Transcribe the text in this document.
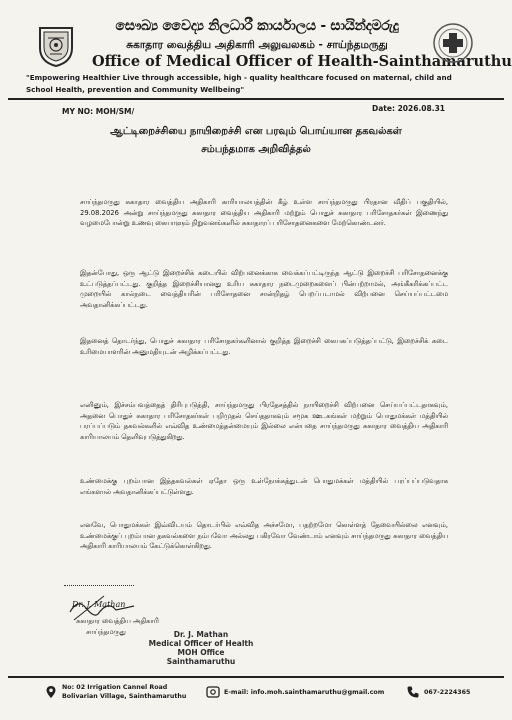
සෞඛ්‍ය වෛද්‍ය නිලධාරී කාර්යාලය - සායින්දමරුදු
சுகாதார வைத்திய அதிகாரி அலுவலகம் - சாய்ந்தமருது
Office of Medical Officer of Health-Sainthamaruthu
"Empowering Healthier Live through accessible, high - quality healthcare focused on maternal, child and
School Health, prevention and Community Wellbeing"
MY NO: MOH/SM/	Date: 2026.08.31
ஆட்டிறைச்சியை நாயிறைச்சி என பரவும் பொய்யான தகவல்கள்
சம்பந்தமாக அறிவித்தல்
சாய்ந்தமருது சுகாதார வைத்திய அதிகாரி காரியாலயத்தின் கீழ் உள்ள சாய்ந்தமருது பிரதான வீதிப் பகுதியில், 29.08.2026 அன்று சாய்ந்தமருது சுகாதார வைத்திய அதிகாரி மற்றும் பொதுச் சுகாதார பரிசோதகர்கள் இணைந்து வழமைபோன்று உணவு கையாளும் நிறுவனங்களில் சுகாதாரப் பரிசோதனைகளை மேற்கொண்டனர்.
இதன்போது, ஒரு ஆட்டு இறைச்சிக் கடையில் விற்பனைக்காக வைக்கப்பட்டிருந்த ஆட்டு இறைச்சி பரிசோதனைக்கு உட்படுத்தப்பட்டது. குறித்த இறைச்சியானது உரிய சுகாதார நடைமுறைகளைப் பின்பற்றாமல், அங்கீகரிக்கப்பட்ட முறையில் கால்நடை வைத்தியரின் பரிசோதனை சான்றிதழ் பெறப்படாமல் விற்பனை செய்யப்பட்டமை அவதானிக்கப்பட்டது.
இதனைத் தொடர்ந்து, பொதுச் சுகாதார பரிசோதகர்களினால் குறித்த இறைச்சி கையகப்படுத்தப்பட்டு, இறைச்சிக் கடை உரிமையாளரின் அனுமதியுடன் அழிக்கப்பட்டது.
எனினும், இச்சம்பவத்தைத் திரிபுபடுத்தி, சாய்ந்தமருது பிரதேசத்தில் நாயிறைச்சி விற்பனை செய்யப்பட்டதாகவும், அதனை பொதுச் சுகாதார பரிசோதகர்கள் பறிமுதல் செய்ததாகவும் சமூக ஊடகங்கள் மற்றும் பொதுமக்கள் மத்தியில் பரப்பப்படும் தகவல்களில் எவ்வித உண்மைத்தன்மையும் இல்லை என்பதை சாய்ந்தமருது சுகாதார வைத்திய அதிகாரி காரியாலயம் தெளிவுபடுத்துகிறது.
உண்மைக்கு புறம்பான இத்தகவல்கள் ஏதோ ஒரு உள்நோக்கத்துடன் பொதுமக்கள் மத்தியில் பரப்பப்படுவதாக எங்களால் அவதானிக்கப்பட்டுள்ளது.
எனவே, பொதுமக்கள் இவ்விடயம் தொடர்பில் எவ்வித அச்சமோ, பதற்றமோ கொள்ளத் தேவையில்லை எனவும், உண்மைக்குப் புறம்பான தகவல்களை நம்பவோ அல்லது பகிரவோ வேண்டாம் எனவும் சாய்ந்தமருது சுகாதார வைத்திய அதிகாரி காரியாலயம் கேட்டுக்கொள்கிறது.
Dr. J. Mathan
சுகாதார வைத்திய அதிகாரி
சாய்ந்தமருது	Dr. J. Mathan
Medical Officer of Health
MOH Office
Sainthamaruthu
No: 02 Irrigation Cannel Road
Bolivarian Village, Sainthamaruthu
E-mail: info.moh.sainthamaruthu@gmail.com	067-2224365
